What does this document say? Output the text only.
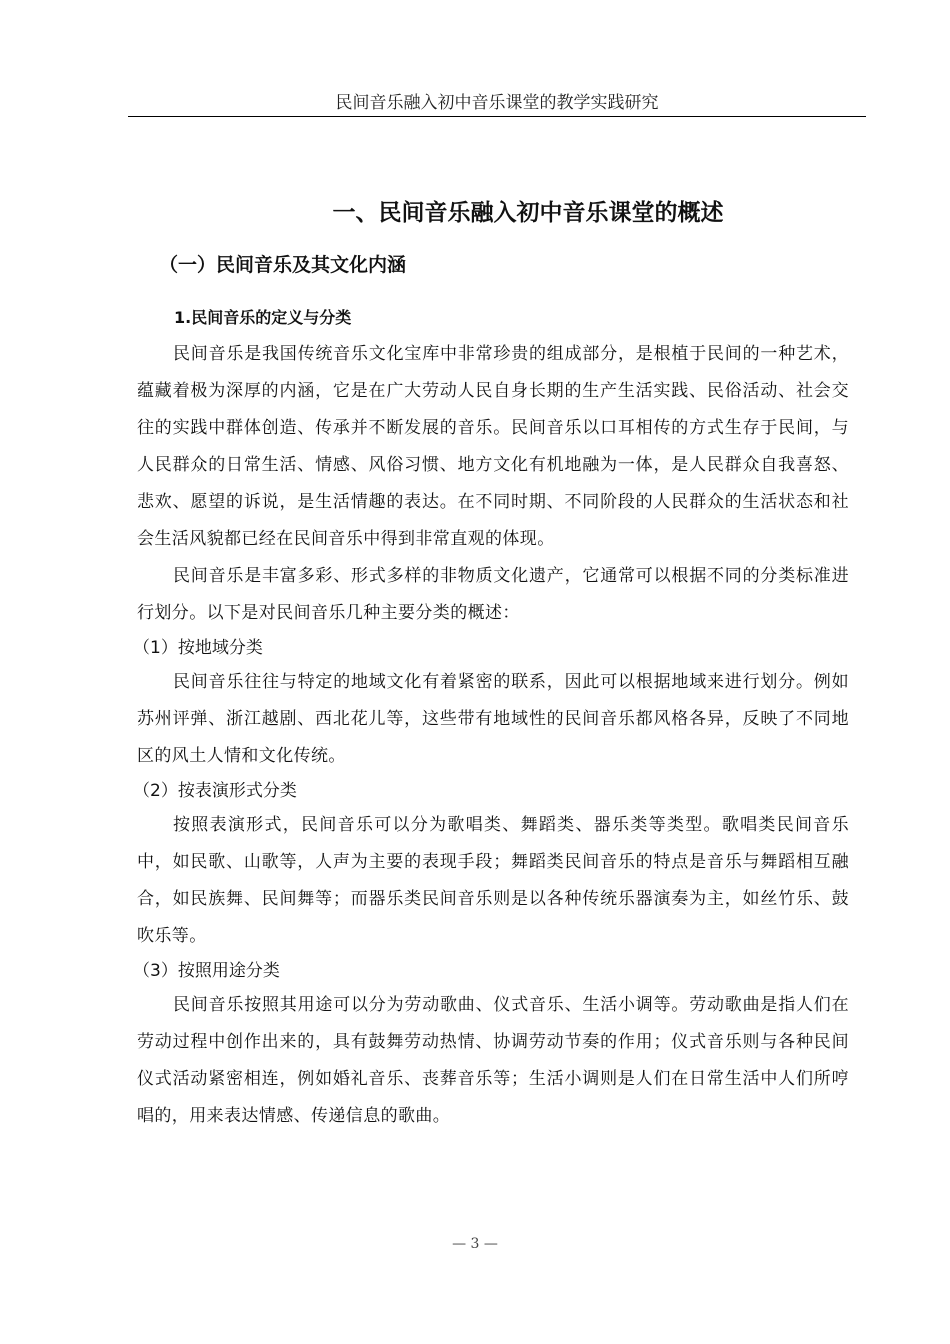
民间音乐融入初中音乐课堂的教学实践研究
一、民间音乐融入初中音乐课堂的概述
（一）民间音乐及其文化内涵
1.民间音乐的定义与分类

民间音乐是我国传统音乐文化宝库中非常珍贵的组成部分，是根植于民间的一种艺术，蕴藏着极为深厚的内涵，它是在广大劳动人民自身长期的生产生活实践、民俗活动、社会交往的实践中群体创造、传承并不断发展的音乐。民间音乐以口耳相传的方式生存于民间，与人民群众的日常生活、情感、风俗习惯、地方文化有机地融为一体，是人民群众自我喜怒、悲欢、愿望的诉说，是生活情趣的表达。在不同时期、不同阶段的人民群众的生活状态和社会生活风貌都已经在民间音乐中得到非常直观的体现。

民间音乐是丰富多彩、形式多样的非物质文化遗产，它通常可以根据不同的分类标准进行划分。以下是对民间音乐几种主要分类的概述：

（1）按地域分类

民间音乐往往与特定的地域文化有着紧密的联系，因此可以根据地域来进行划分。例如苏州评弹、浙江越剧、西北花儿等，这些带有地域性的民间音乐都风格各异，反映了不同地区的风土人情和文化传统。

（2）按表演形式分类

按照表演形式，民间音乐可以分为歌唱类、舞蹈类、器乐类等类型。歌唱类民间音乐中，如民歌、山歌等，人声为主要的表现手段；舞蹈类民间音乐的特点是音乐与舞蹈相互融合，如民族舞、民间舞等；而器乐类民间音乐则是以各种传统乐器演奏为主，如丝竹乐、鼓吹乐等。

（3）按照用途分类

民间音乐按照其用途可以分为劳动歌曲、仪式音乐、生活小调等。劳动歌曲是指人们在劳动过程中创作出来的，具有鼓舞劳动热情、协调劳动节奏的作用；仪式音乐则与各种民间仪式活动紧密相连，例如婚礼音乐、丧葬音乐等；生活小调则是人们在日常生活中人们所哼唱的，用来表达情感、传递信息的歌曲。

— 3 —
